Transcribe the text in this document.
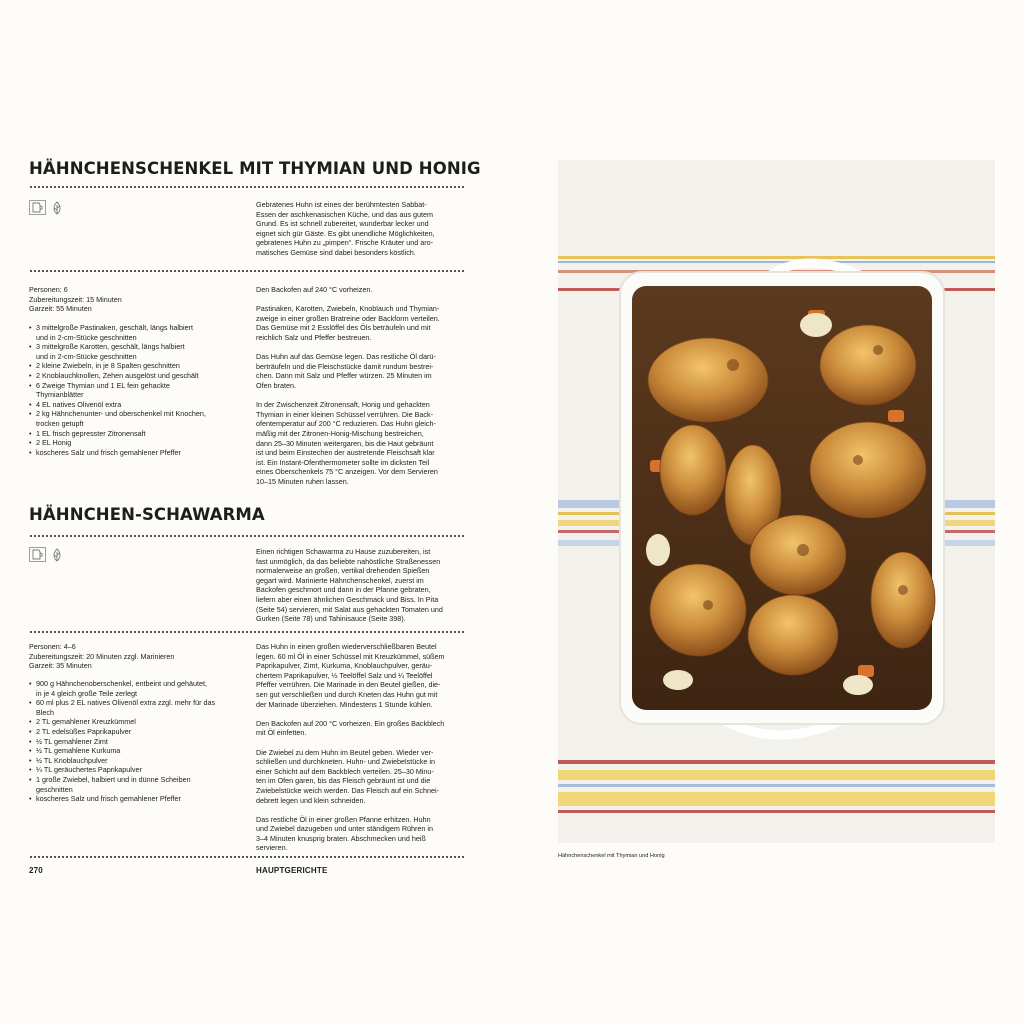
HÄHNCHENSCHENKEL MIT THYMIAN UND HONIG

Gebratenes Huhn ist eines der berühmtesten Sabbat-
Essen der aschkenasischen Küche, und das aus gutem
Grund. Es ist schnell zubereitet, wunderbar lecker und
eignet sich gür Gäste. Es gibt unendliche Möglichkeiten,
gebratenes Huhn zu „pimpen“. Frische Kräuter und aro-
matisches Gemüse sind dabei besonders köstlich.

Personen: 6
Zubereitungszeit: 15 Minuten
Garzeit: 55 Minuten
• 3 mittelgroße Pastinaken, geschält, längs halbiert
und in 2-cm-Stücke geschnitten
• 3 mittelgroße Karotten, geschält, längs halbiert
und in 2-cm-Stücke geschnitten
• 2 kleine Zwiebeln, in je 8 Spalten geschnitten
• 2 Knoblauchknollen, Zehen ausgelöst und geschält
• 6 Zweige Thymian und 1 EL fein gehackte
Thymianblätter
• 4 EL natives Olivenöl extra
• 2 kg Hähnchenunter- und oberschenkel mit Knochen,
trocken getupft
• 1 EL frisch gepresster Zitronensaft
• 2 EL Honig
• koscheres Salz und frisch gemahlener Pfeffer

Den Backofen auf 240 °C vorheizen.

Pastinaken, Karotten, Zwiebeln, Knoblauch und Thymian-
zweige in einer großen Bratreine oder Backform verteilen.
Das Gemüse mit 2 Esslöffel des Öls beträufeln und mit
reichlich Salz und Pfeffer bestreuen.

Das Huhn auf das Gemüse legen. Das restliche Öl darü-
berträufeln und die Fleischstücke damit rundum bestrei-
chen. Dann mit Salz und Pfeffer würzen. 25 Minuten im
Ofen braten.

In der Zwischenzeit Zitronensaft, Honig und gehackten
Thymian in einer kleinen Schüssel verrühren. Die Back-
ofentemperatur auf 200 °C reduzieren. Das Huhn gleich-
mäßig mit der Zitronen-Honig-Mischung bestreichen,
dann 25–30 Minuten weitergaren, bis die Haut gebräunt
ist und beim Einstechen der austretende Fleischsaft klar
ist. Ein Instant-Ofenthermometer sollte im dicksten Teil
eines Oberschenkels 75 °C anzeigen. Vor dem Servieren
10–15 Minuten ruhen lassen.

HÄHNCHEN-SCHAWARMA

Einen richtigen Schawarma zu Hause zuzubereiten, ist
fast unmöglich, da das beliebte nahöstliche Straßenessen
normalerweise an großen, vertikal drehenden Spießen
gegart wird. Marinierte Hähnchenschenkel, zuerst im
Backofen geschmort und dann in der Pfanne gebraten,
liefern aber einen ähnlichen Geschmack und Biss. In Pita
(Seite 54) servieren, mit Salat aus gehackten Tomaten und
Gurken (Seite 78) und Tahinisauce (Seite 398).

Personen: 4–6
Zubereitungszeit: 20 Minuten zzgl. Marinieren
Garzeit: 35 Minuten
• 900 g Hähnchenoberschenkel, entbeint und gehäutet,
in je 4 gleich große Teile zerlegt
• 60 ml plus 2 EL natives Olivenöl extra zzgl. mehr für das
Blech
• 2 TL gemahlener Kreuzkümmel
• 2 TL edelsüßes Paprikapulver
• ½ TL gemahlener Zimt
• ½ TL gemahlene Kurkuma
• ½ TL Knoblauchpulver
• ¼ TL geräuchertes Paprikapulver
• 1 große Zwiebel, halbiert und in dünne Scheiben
geschnitten
• koscheres Salz und frisch gemahlener Pfeffer

Das Huhn in einen großen wiederverschließbaren Beutel
legen. 60 ml Öl in einer Schüssel mit Kreuzkümmel, süßem
Paprikapulver, Zimt, Kurkuma, Knoblauchpulver, geräu-
chertem Paprikapulver, ½ Teelöffel Salz und ¼ Teelöffel
Pfeffer verrühren. Die Marinade in den Beutel gießen, die-
sen gut verschließen und durch Kneten das Huhn gut mit
der Marinade überziehen. Mindestens 1 Stunde kühlen.

Den Backofen auf 200 °C vorheizen. Ein großes Backblech
mit Öl einfetten.

Die Zwiebel zu dem Huhn im Beutel geben. Wieder ver-
schließen und durchkneten. Huhn- und Zwiebelstücke in
einer Schicht auf dem Backblech verteilen. 25–30 Minu-
ten im Ofen garen, bis das Fleisch gebräunt ist und die
Zwiebelstücke weich werden. Das Fleisch auf ein Schnei-
debrett legen und klein schneiden.

Das restliche Öl in einer großen Pfanne erhitzen. Huhn
und Zwiebel dazugeben und unter ständigem Rühren in
3–4 Minuten knusprig braten. Abschmecken und heiß
servieren.

270	HAUPTGERICHTE
Hähnchenschenkel mit Thymian und Honig
